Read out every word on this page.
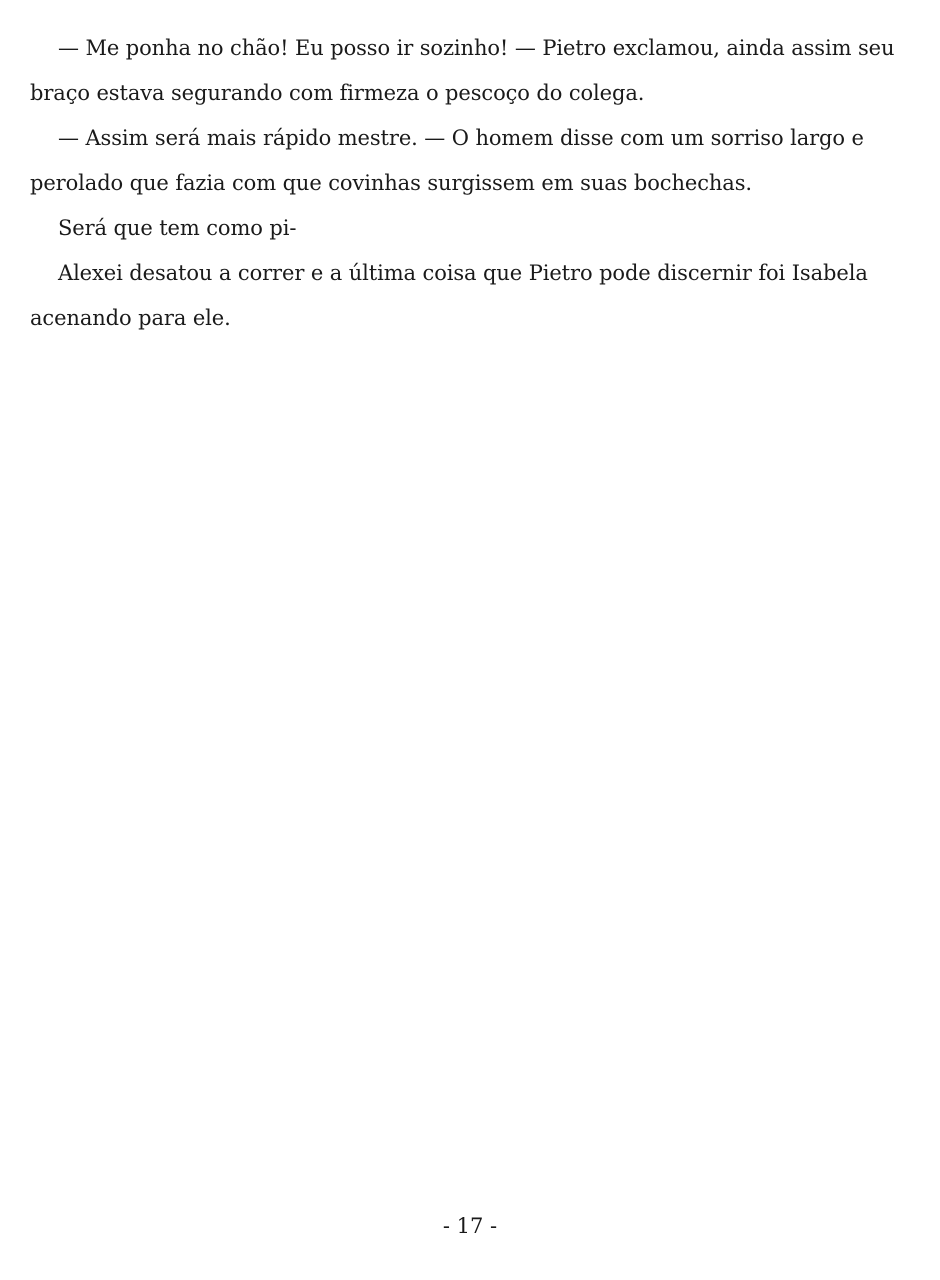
— Me ponha no chão! Eu posso ir sozinho! — Pietro exclamou, ainda assim seu braço estava segurando com firmeza o pescoço do colega.

— Assim será mais rápido mestre. — O homem disse com um sorriso largo e perolado que fazia com que covinhas surgissem em suas bochechas.

Será que tem como pi-

Alexei desatou a correr e a última coisa que Pietro pode discernir foi Isabela acenando para ele.

- 17 -
